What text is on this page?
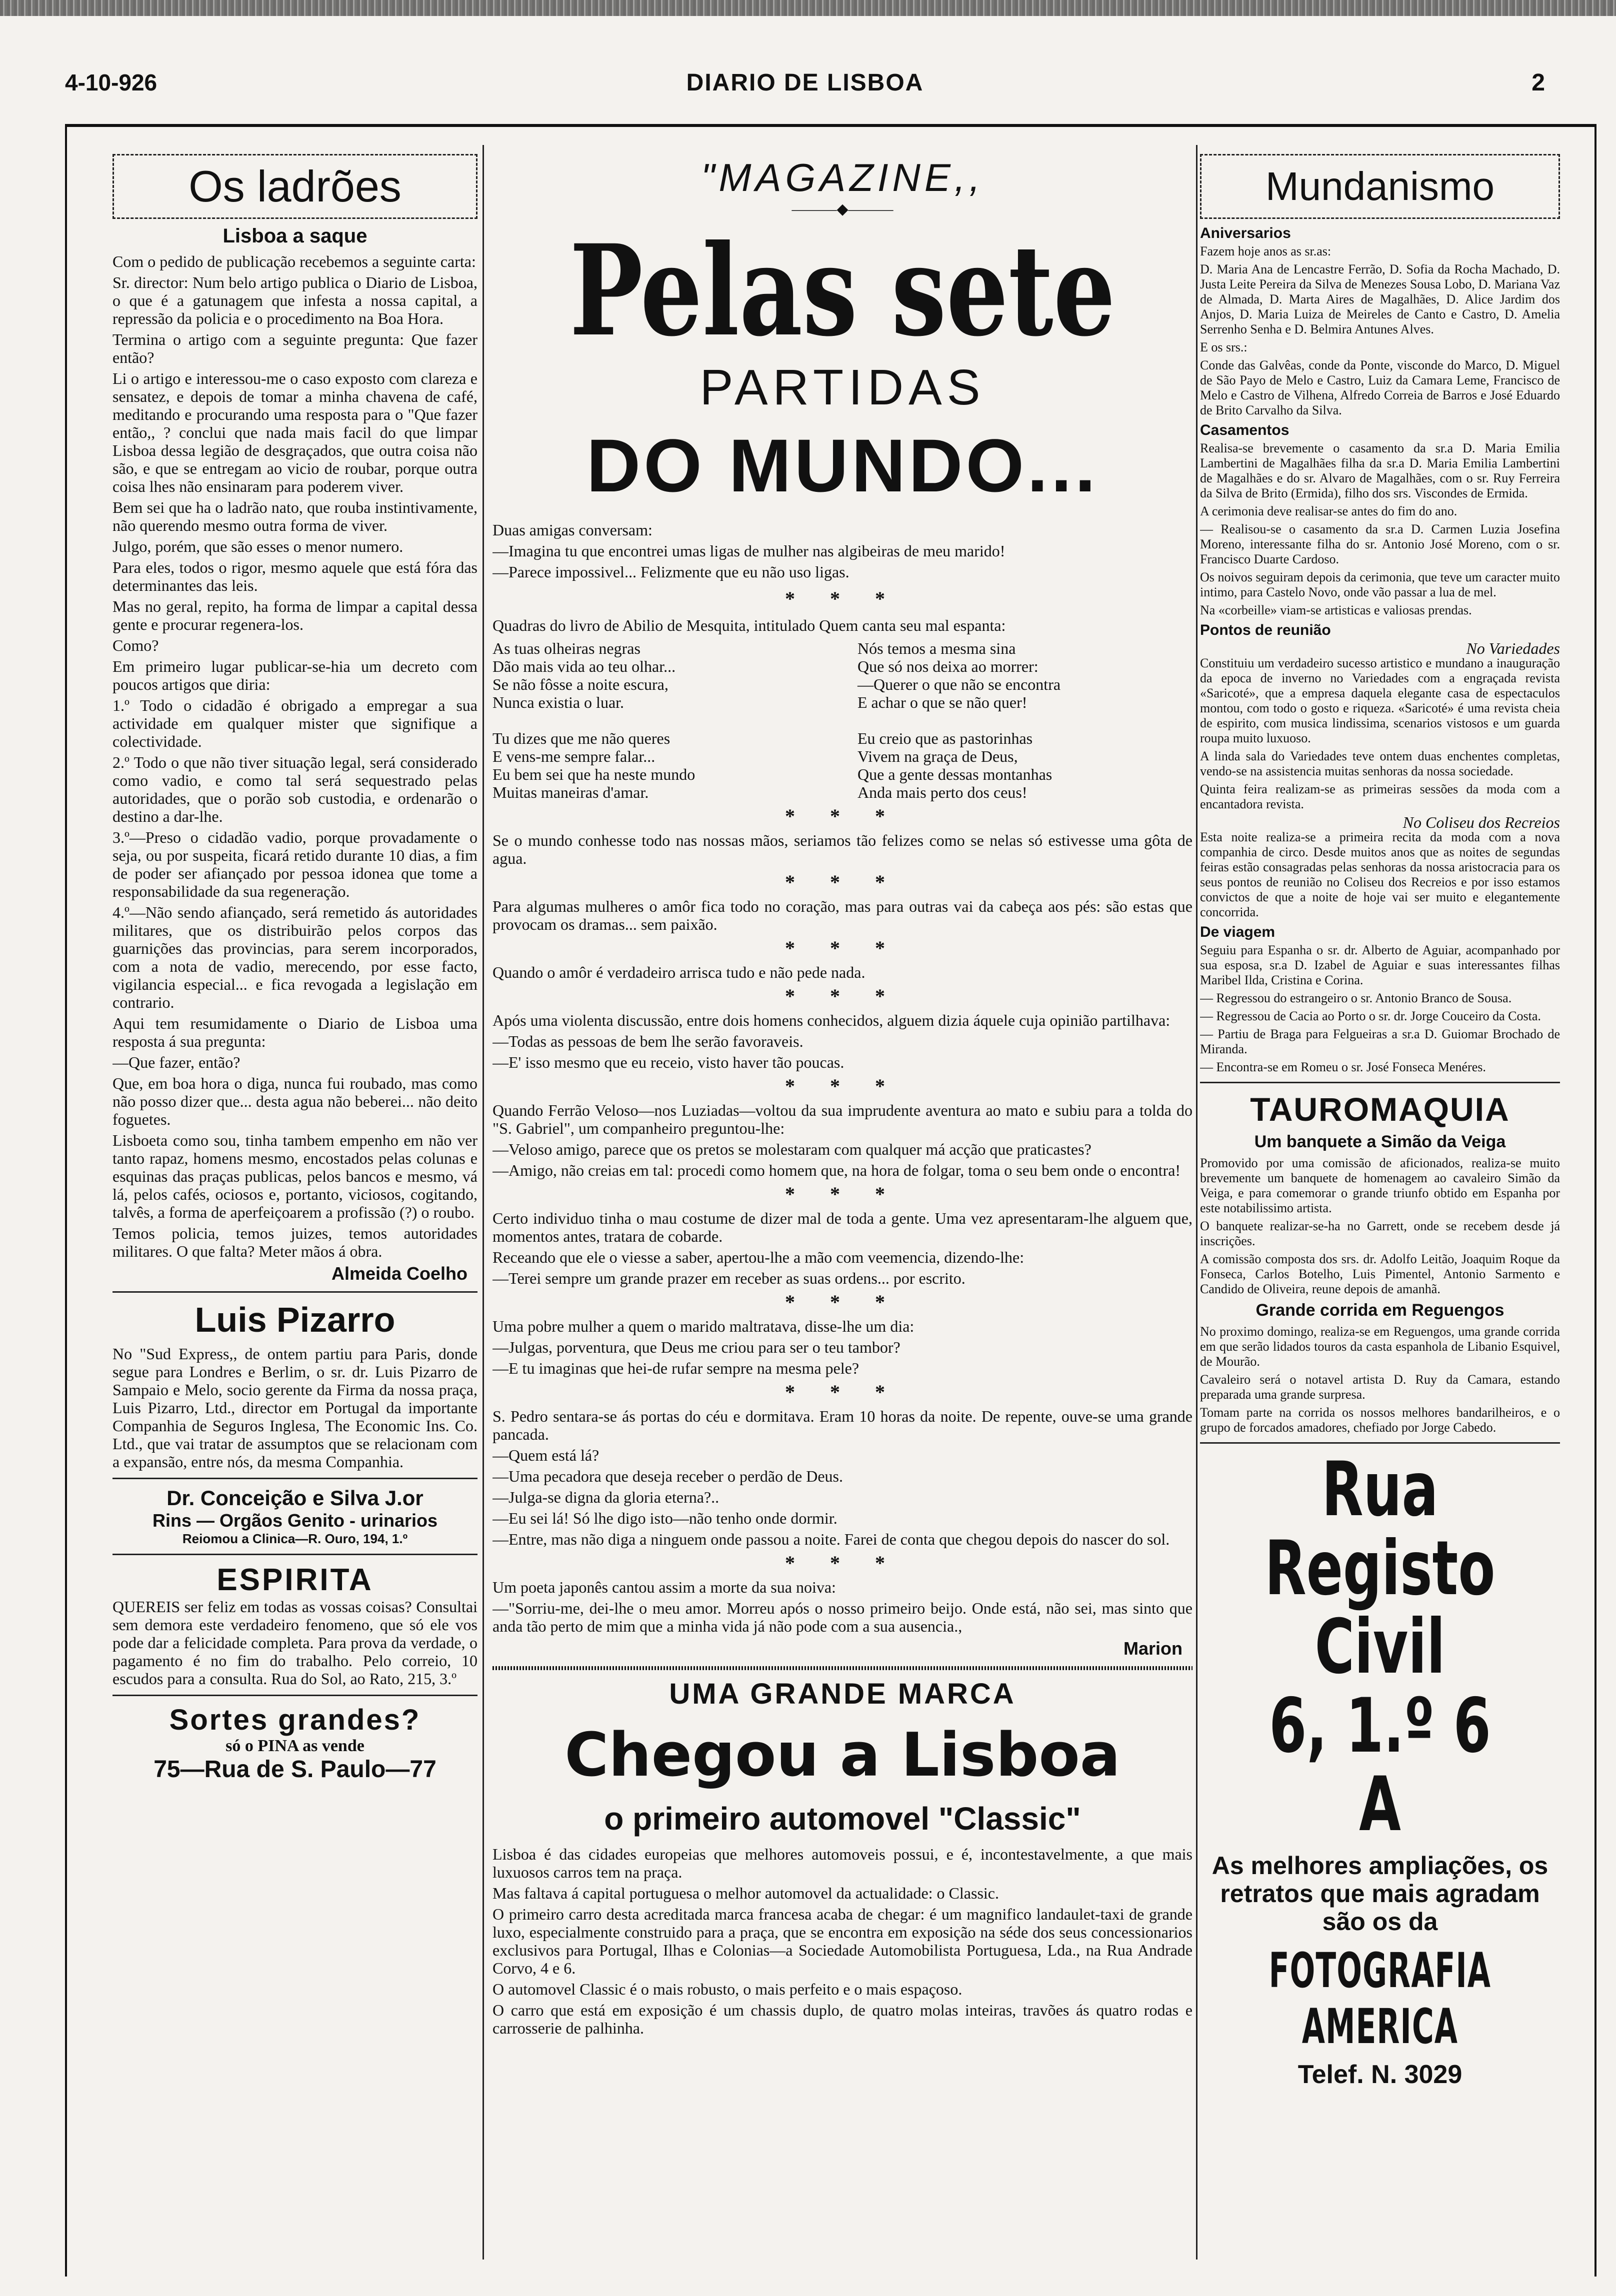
4-10-926	DIARIO DE LISBOA	2
Os ladrões
Lisboa a saque

Com o pedido de publicação recebemos a seguinte carta:

Sr. director: Num belo artigo publica o Diario de Lisboa, o que é a gatunagem que infesta a nossa capital, a repressão da policia e o procedimento na Boa Hora.

Termina o artigo com a seguinte pregunta: Que fazer então?

Li o artigo e interessou-me o caso exposto com clareza e sensatez, e depois de tomar a minha chavena de café, meditando e procurando uma resposta para o "Que fazer então,, ? conclui que nada mais facil do que limpar Lisboa dessa legião de desgraçados, que outra coisa não são, e que se entregam ao vicio de roubar, porque outra coisa lhes não ensinaram para poderem viver.

Bem sei que ha o ladrão nato, que rouba instintivamente, não querendo mesmo outra forma de viver.

Julgo, porém, que são esses o menor numero.

Para eles, todos o rigor, mesmo aquele que está fóra das determinantes das leis.

Mas no geral, repito, ha forma de limpar a capital dessa gente e procurar regenera-los.

Como?

Em primeiro lugar publicar-se-hia um decreto com poucos artigos que diria:

1.º Todo o cidadão é obrigado a empregar a sua actividade em qualquer mister que signifique a colectividade.

2.º Todo o que não tiver situação legal, será considerado como vadio, e como tal será sequestrado pelas autoridades, que o porão sob custodia, e ordenarão o destino a dar-lhe.

3.º—Preso o cidadão vadio, porque provadamente o seja, ou por suspeita, ficará retido durante 10 dias, a fim de poder ser afiançado por pessoa idonea que tome a responsabilidade da sua regeneração.

4.º—Não sendo afiançado, será remetido ás autoridades militares, que os distribuirão pelos corpos das guarnições das provincias, para serem incorporados, com a nota de vadio, merecendo, por esse facto, vigilancia especial... e fica revogada a legislação em contrario.

Aqui tem resumidamente o Diario de Lisboa uma resposta á sua pregunta:

—Que fazer, então?

Que, em boa hora o diga, nunca fui roubado, mas como não posso dizer que... desta agua não beberei... não deito foguetes.

Lisboeta como sou, tinha tambem empenho em não ver tanto rapaz, homens mesmo, encostados pelas colunas e esquinas das praças publicas, pelos bancos e mesmo, vá lá, pelos cafés, ociosos e, portanto, viciosos, cogitando, talvês, a forma de aperfeiçoarem a profissão (?) o roubo.

Temos policia, temos juizes, temos autoridades militares. O que falta? Meter mãos á obra.

Almeida Coelho
Luis Pizarro

No "Sud Express,, de ontem partiu para Paris, donde segue para Londres e Berlim, o sr. dr. Luis Pizarro de Sampaio e Melo, socio gerente da Firma da nossa praça, Luis Pizarro, Ltd., director em Portugal da importante Companhia de Seguros Inglesa, The Economic Ins. Co. Ltd., que vai tratar de assumptos que se relacionam com a expansão, entre nós, da mesma Companhia.

Dr. Conceição e Silva J.or
Rins — Orgãos Genito - urinarios
Reiomou a Clinica—R. Ouro, 194, 1.º
ESPIRITA

QUEREIS ser feliz em todas as vossas coisas? Consultai sem demora este verdadeiro fenomeno, que só ele vos pode dar a felicidade completa. Para prova da verdade, o pagamento é no fim do trabalho. Pelo correio, 10 escudos para a consulta. Rua do Sol, ao Rato, 215, 3.º

Sortes grandes?
só o PINA as vende
75—Rua de S. Paulo—77
"MAGAZINE,,
———◆———
Pelas sete
PARTIDAS
DO MUNDO...

Duas amigas conversam:

—Imagina tu que encontrei umas ligas de mulher nas algibeiras de meu marido!

—Parece impossivel... Felizmente que eu não uso ligas.

* * *

Quadras do livro de Abilio de Mesquita, intitulado Quem canta seu mal espanta:

As tuas olheiras negras
Dão mais vida ao teu olhar...
Se não fôsse a noite escura,
Nunca existia o luar.
Tu dizes que me não queres
E vens-me sempre falar...
Eu bem sei que ha neste mundo
Muitas maneiras d'amar.
Nós temos a mesma sina
Que só nos deixa ao morrer:
—Querer o que não se encontra
E achar o que se não quer!
Eu creio que as pastorinhas
Vivem na graça de Deus,
Que a gente dessas montanhas
Anda mais perto dos ceus!
* * *

Se o mundo conhesse todo nas nossas mãos, seriamos tão felizes como se nelas só estivesse uma gôta de agua.

* * *

Para algumas mulheres o amôr fica todo no coração, mas para outras vai da cabeça aos pés: são estas que provocam os dramas... sem paixão.

* * *

Quando o amôr é verdadeiro arrisca tudo e não pede nada.

* * *

Após uma violenta discussão, entre dois homens conhecidos, alguem dizia áquele cuja opinião partilhava:

—Todas as pessoas de bem lhe serão favoraveis.

—E' isso mesmo que eu receio, visto haver tão poucas.

* * *

Quando Ferrão Veloso—nos Luziadas—voltou da sua imprudente aventura ao mato e subiu para a tolda do "S. Gabriel", um companheiro preguntou-lhe:

—Veloso amigo, parece que os pretos se molestaram com qualquer má acção que praticastes?

—Amigo, não creias em tal: procedi como homem que, na hora de folgar, toma o seu bem onde o encontra!

* * *

Certo individuo tinha o mau costume de dizer mal de toda a gente. Uma vez apresentaram-lhe alguem que, momentos antes, tratara de cobarde.

Receando que ele o viesse a saber, apertou-lhe a mão com veemencia, dizendo-lhe:

—Terei sempre um grande prazer em receber as suas ordens... por escrito.

* * *

Uma pobre mulher a quem o marido maltratava, disse-lhe um dia:

—Julgas, porventura, que Deus me criou para ser o teu tambor?

—E tu imaginas que hei-de rufar sempre na mesma pele?

* * *

S. Pedro sentara-se ás portas do céu e dormitava. Eram 10 horas da noite. De repente, ouve-se uma grande pancada.

—Quem está lá?

—Uma pecadora que deseja receber o perdão de Deus.

—Julga-se digna da gloria eterna?..

—Eu sei lá! Só lhe digo isto—não tenho onde dormir.

—Entre, mas não diga a ninguem onde passou a noite. Farei de conta que chegou depois do nascer do sol.

* * *

Um poeta japonês cantou assim a morte da sua noiva:

—"Sorriu-me, dei-lhe o meu amor. Morreu após o nosso primeiro beijo. Onde está, não sei, mas sinto que anda tão perto de mim que a minha vida já não pode com a sua ausencia.,

Marion
UMA GRANDE MARCA
Chegou a Lisboa
o primeiro automovel "Classic"

Lisboa é das cidades europeias que melhores automoveis possui, e é, incontestavelmente, a que mais luxuosos carros tem na praça.

Mas faltava á capital portuguesa o melhor automovel da actualidade: o Classic.

O primeiro carro desta acreditada marca francesa acaba de chegar: é um magnifico landaulet-taxi de grande luxo, especialmente construido para a praça, que se encontra em exposição na séde dos seus concessionarios exclusivos para Portugal, Ilhas e Colonias—a Sociedade Automobilista Portuguesa, Lda., na Rua Andrade Corvo, 4 e 6.

O automovel Classic é o mais robusto, o mais perfeito e o mais espaçoso.

O carro que está em exposição é um chassis duplo, de quatro molas inteiras, travões ás quatro rodas e carrosserie de palhinha.

Mundanismo
Aniversarios

Fazem hoje anos as sr.as:

D. Maria Ana de Lencastre Ferrão, D. Sofia da Rocha Machado, D. Justa Leite Pereira da Silva de Menezes Sousa Lobo, D. Mariana Vaz de Almada, D. Marta Aires de Magalhães, D. Alice Jardim dos Anjos, D. Maria Luiza de Meireles de Canto e Castro, D. Amelia Serrenho Senha e D. Belmira Antunes Alves.

E os srs.:

Conde das Galvêas, conde da Ponte, visconde do Marco, D. Miguel de São Payo de Melo e Castro, Luiz da Camara Leme, Francisco de Melo e Castro de Vilhena, Alfredo Correia de Barros e José Eduardo de Brito Carvalho da Silva.

Casamentos

Realisa-se brevemente o casamento da sr.a D. Maria Emilia Lambertini de Magalhães filha da sr.a D. Maria Emilia Lambertini de Magalhães e do sr. Alvaro de Magalhães, com o sr. Ruy Ferreira da Silva de Brito (Ermida), filho dos srs. Viscondes de Ermida.

A cerimonia deve realisar-se antes do fim do ano.

— Realisou-se o casamento da sr.a D. Carmen Luzia Josefina Moreno, interessante filha do sr. Antonio José Moreno, com o sr. Francisco Duarte Cardoso.

Os noivos seguiram depois da cerimonia, que teve um caracter muito intimo, para Castelo Novo, onde vão passar a lua de mel.

Na «corbeille» viam-se artisticas e valiosas prendas.

Pontos de reunião
No Variedades

Constituiu um verdadeiro sucesso artistico e mundano a inauguração da epoca de inverno no Variedades com a engraçada revista «Saricoté», que a empresa daquela elegante casa de espectaculos montou, com todo o gosto e riqueza. «Saricoté» é uma revista cheia de espirito, com musica lindissima, scenarios vistosos e um guarda roupa muito luxuoso.

A linda sala do Variedades teve ontem duas enchentes completas, vendo-se na assistencia muitas senhoras da nossa sociedade.

Quinta feira realizam-se as primeiras sessões da moda com a encantadora revista.

No Coliseu dos Recreios

Esta noite realiza-se a primeira recita da moda com a nova companhia de circo. Desde muitos anos que as noites de segundas feiras estão consagradas pelas senhoras da nossa aristocracia para os seus pontos de reunião no Coliseu dos Recreios e por isso estamos convictos de que a noite de hoje vai ser muito e elegantemente concorrida.

De viagem

Seguiu para Espanha o sr. dr. Alberto de Aguiar, acompanhado por sua esposa, sr.a D. Izabel de Aguiar e suas interessantes filhas Maribel Ilda, Cristina e Corina.

— Regressou do estrangeiro o sr. Antonio Branco de Sousa.

— Regressou de Cacia ao Porto o sr. dr. Jorge Couceiro da Costa.

— Partiu de Braga para Felgueiras a sr.a D. Guiomar Brochado de Miranda.

— Encontra-se em Romeu o sr. José Fonseca Menéres.

TAUROMAQUIA
Um banquete a Simão da Veiga

Promovido por uma comissão de aficionados, realiza-se muito brevemente um banquete de homenagem ao cavaleiro Simão da Veiga, e para comemorar o grande triunfo obtido em Espanha por este notabilissimo artista.

O banquete realizar-se-ha no Garrett, onde se recebem desde já inscrições.

A comissão composta dos srs. dr. Adolfo Leitão, Joaquim Roque da Fonseca, Carlos Botelho, Luis Pimentel, Antonio Sarmento e Candido de Oliveira, reune depois de amanhã.

Grande corrida em Reguengos

No proximo domingo, realiza-se em Reguengos, uma grande corrida em que serão lidados touros da casta espanhola de Libanio Esquivel, de Mourão.

Cavaleiro será o notavel artista D. Ruy da Camara, estando preparada uma grande surpresa.

Tomam parte na corrida os nossos melhores bandarilheiros, e o grupo de forcados amadores, chefiado por Jorge Cabedo.

Rua Registo Civil
6, 1.º 6 A
As melhores ampliações, os retratos que mais agradam são os da
FOTOGRAFIA AMERICA
Telef. N. 3029
